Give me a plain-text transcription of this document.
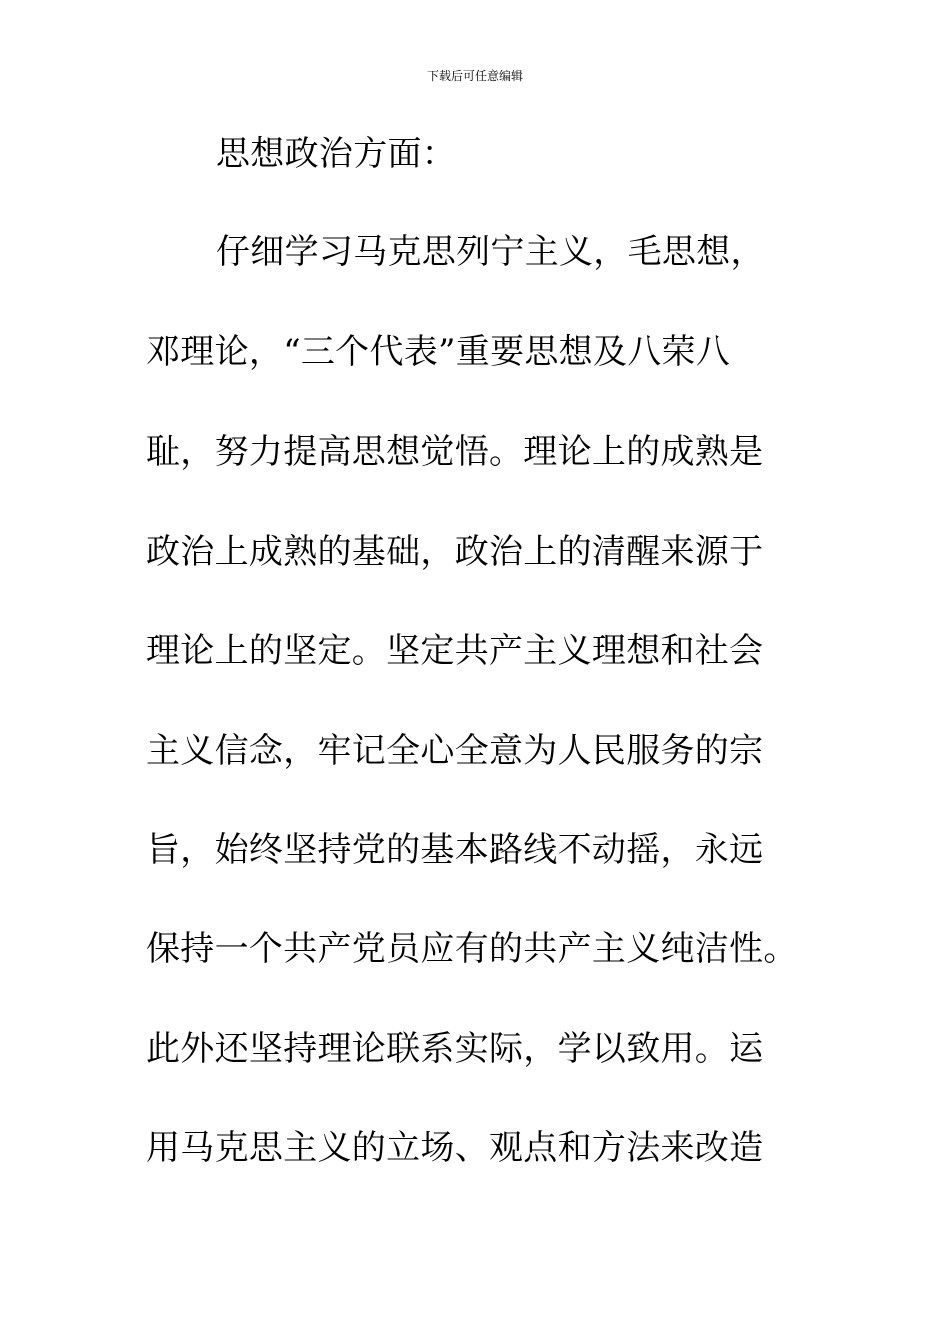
下载后可任意编辑
思想政治方面：
仔细学习马克思列宁主义，毛思想，
邓理论，“三个代表”重要思想及八荣八
耻，努力提高思想觉悟。理论上的成熟是
政治上成熟的基础，政治上的清醒来源于
理论上的坚定。坚定共产主义理想和社会
主义信念，牢记全心全意为人民服务的宗
旨，始终坚持党的基本路线不动摇，永远
保持一个共产党员应有的共产主义纯洁性。
此外还坚持理论联系实际，学以致用。运
用马克思主义的立场、观点和方法来改造
